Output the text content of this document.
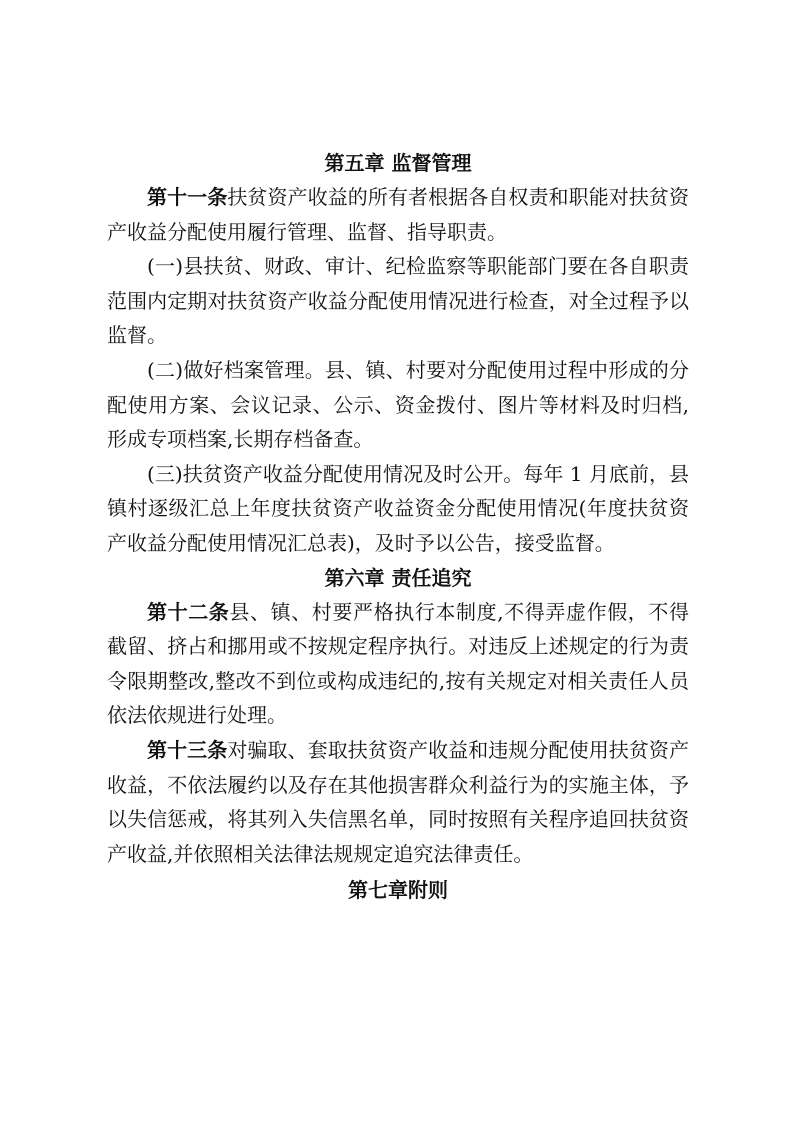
第五章 监督管理

第十一条扶贫资产收益的所有者根据各自权责和职能对扶贫资产收益分配使用履行管理、监督、指导职责。

(一)县扶贫、财政、审计、纪检监察等职能部门要在各自职责范围内定期对扶贫资产收益分配使用情况进行检查，对全过程予以监督。

(二)做好档案管理。县、镇、村要对分配使用过程中形成的分配使用方案、会议记录、公示、资金拨付、图片等材料及时归档,形成专项档案,长期存档备查。

(三)扶贫资产收益分配使用情况及时公开。每年 1 月底前，县镇村逐级汇总上年度扶贫资产收益资金分配使用情况(年度扶贫资产收益分配使用情况汇总表)，及时予以公告，接受监督。

第六章 责任追究

第十二条县、镇、村要严格执行本制度,不得弄虚作假，不得截留、挤占和挪用或不按规定程序执行。对违反上述规定的行为责令限期整改,整改不到位或构成违纪的,按有关规定对相关责任人员依法依规进行处理。

第十三条对骗取、套取扶贫资产收益和违规分配使用扶贫资产收益，不依法履约以及存在其他损害群众利益行为的实施主体，予以失信惩戒，将其列入失信黑名单，同时按照有关程序追回扶贫资产收益,并依照相关法律法规规定追究法律责任。

第七章附则
